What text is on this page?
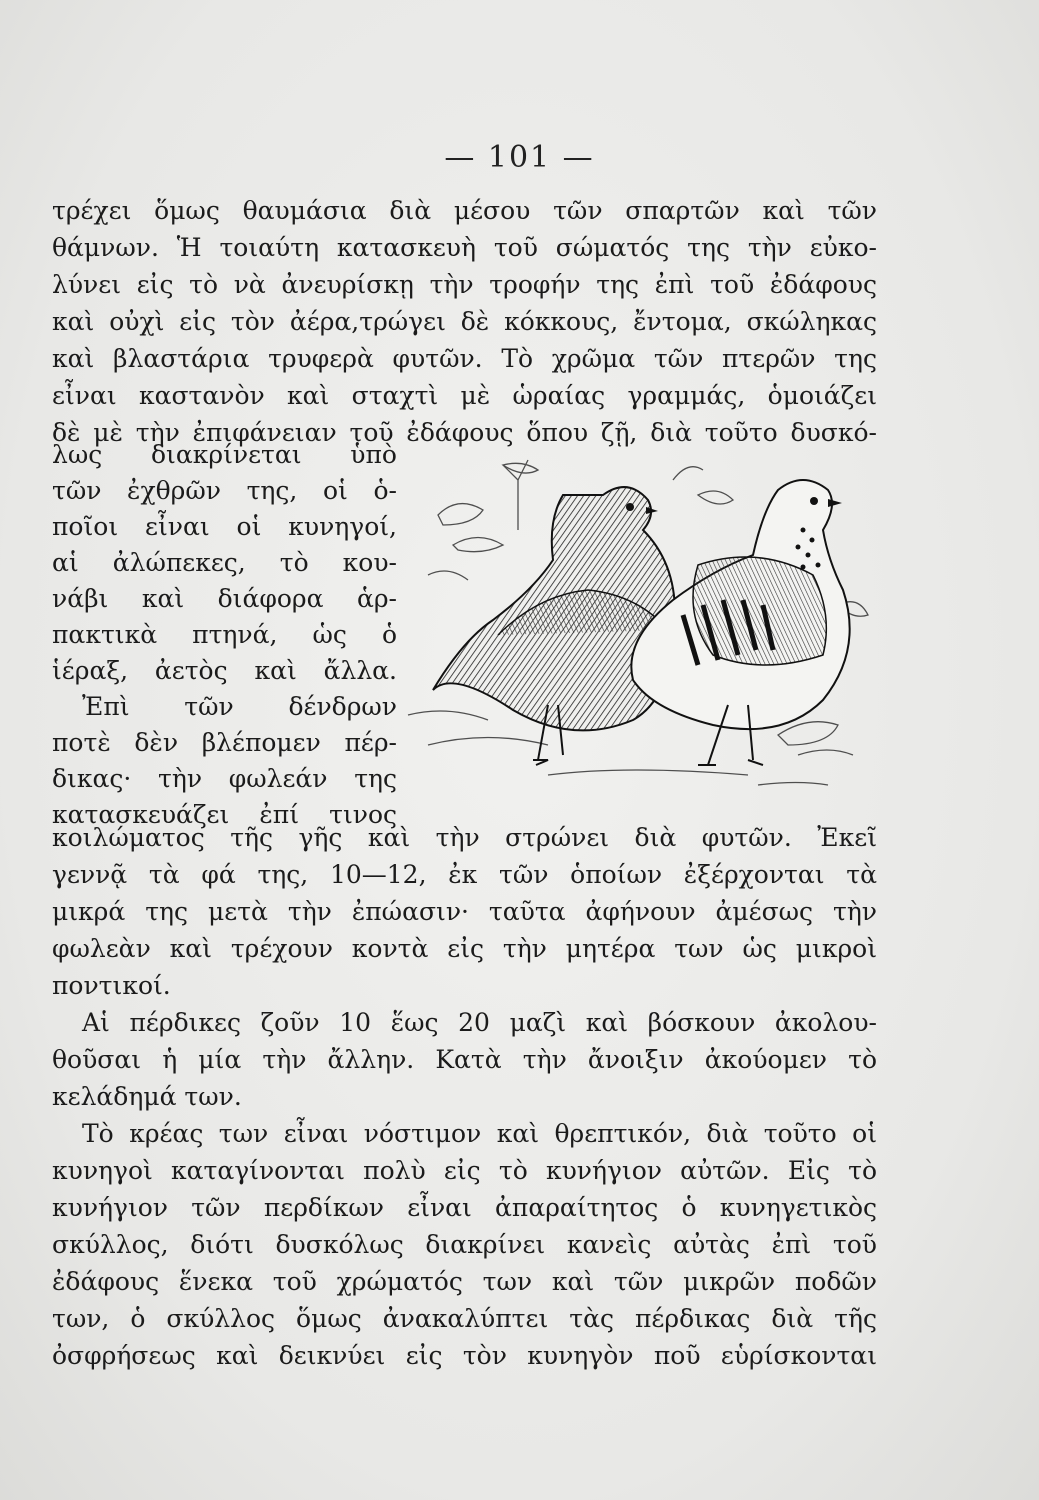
— 101 —
τρέχει ὅμως θαυμάσια διὰ μέσου τῶν σπαρτῶν καὶ τῶν
θάμνων. Ἡ τοιαύτη κατασκευὴ τοῦ σώματός της τὴν εὐκο-
λύνει εἰς τὸ νὰ ἀνευρίσκῃ τὴν τροφήν της ἐπὶ τοῦ ἐδάφους
καὶ οὐχὶ εἰς τὸν ἀέρα,τρώγει δὲ κόκκους, ἔντομα, σκώληκας
καὶ βλαστάρια τρυφερὰ φυτῶν. Τὸ χρῶμα τῶν πτερῶν της
εἶναι καστανὸν καὶ σταχτὶ μὲ ὡραίας γραμμάς, ὁμοιάζει
δὲ μὲ τὴν ἐπιφάνειαν τοῦ ἐδάφους ὅπου ζῇ, διὰ τοῦτο δυσκό-
λως διακρίνεται ὑπὸ
τῶν ἐχθρῶν της, οἱ ὁ-
ποῖοι εἶναι οἱ κυνηγοί,
αἱ ἀλώπεκες, τὸ κου-
νάβι καὶ διάφορα ἁρ-
πακτικὰ πτηνά, ὡς ὁ
ἱέραξ, ἀετὸς καὶ ἄλλα.
Ἐπὶ τῶν δένδρων
ποτὲ δὲν βλέπομεν πέρ-
δικας· τὴν φωλεάν της
κατασκευάζει ἐπί τινος
κοιλώματος τῆς γῆς καὶ τὴν στρώνει διὰ φυτῶν. Ἐκεῖ
γεννᾷ τὰ φά της, 10—12, ἐκ τῶν ὁποίων ἐξέρχονται τὰ
μικρά της μετὰ τὴν ἐπώασιν· ταῦτα ἀφήνουν ἀμέσως τὴν
φωλεὰν καὶ τρέχουν κοντὰ εἰς τὴν μητέρα των ὡς μικροὶ
ποντικοί.
Αἱ πέρδικες ζοῦν 10 ἕως 20 μαζὶ καὶ βόσκουν ἀκολου-
θοῦσαι ἡ μία τὴν ἄλλην. Κατὰ τὴν ἄνοιξιν ἀκούομεν τὸ
κελάδημά των.
Τὸ κρέας των εἶναι νόστιμον καὶ θρεπτικόν, διὰ τοῦτο οἱ
κυνηγοὶ καταγίνονται πολὺ εἰς τὸ κυνήγιον αὐτῶν. Εἰς τὸ
κυνήγιον τῶν περδίκων εἶναι ἀπαραίτητος ὁ κυνηγετικὸς
σκύλλος, διότι δυσκόλως διακρίνει κανεὶς αὐτὰς ἐπὶ τοῦ
ἐδάφους ἕνεκα τοῦ χρώματός των καὶ τῶν μικρῶν ποδῶν
των, ὁ σκύλλος ὅμως ἀνακαλύπτει τὰς πέρδικας διὰ τῆς
ὀσφρήσεως καὶ δεικνύει εἰς τὸν κυνηγὸν ποῦ εὑρίσκονται
